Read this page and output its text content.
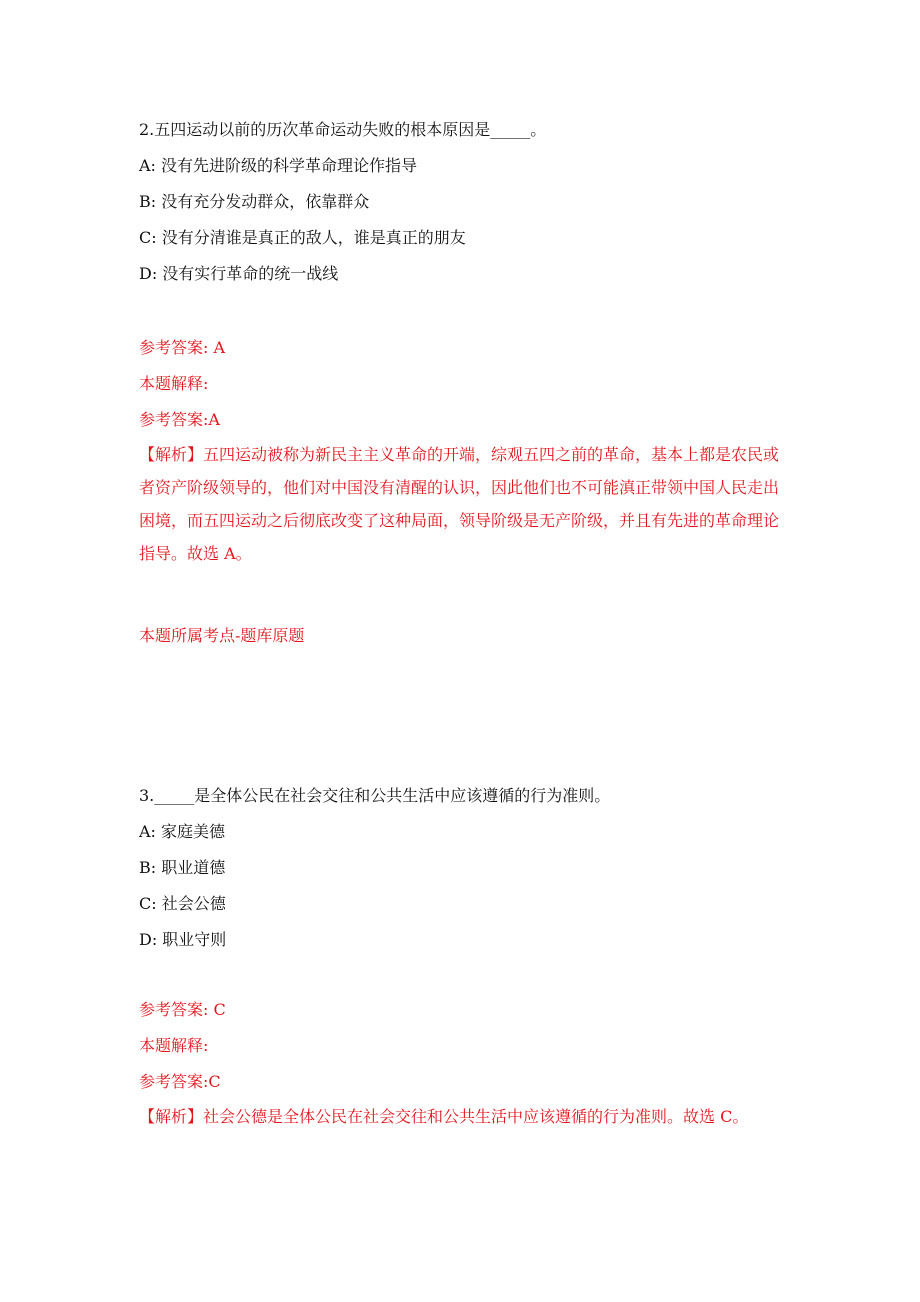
2.五四运动以前的历次革命运动失败的根本原因是_____。
A: 没有先进阶级的科学革命理论作指导
B: 没有充分发动群众，依靠群众
C: 没有分清谁是真正的敌人，谁是真正的朋友
D: 没有实行革命的统一战线
参考答案: A
本题解释:
参考答案:A
【解析】五四运动被称为新民主主义革命的开端，综观五四之前的革命，基本上都是农民或者资产阶级领导的，他们对中国没有清醒的认识，因此他们也不可能滇正带领中国人民走出困境，而五四运动之后彻底改变了这种局面，领导阶级是无产阶级，并且有先进的革命理论指导。故选 A。
本题所属考点-题库原题
3._____是全体公民在社会交往和公共生活中应该遵循的行为准则。
A: 家庭美德
B: 职业道德
C: 社会公德
D: 职业守则
参考答案: C
本题解释:
参考答案:C
【解析】社会公德是全体公民在社会交往和公共生活中应该遵循的行为准则。故选 C。
